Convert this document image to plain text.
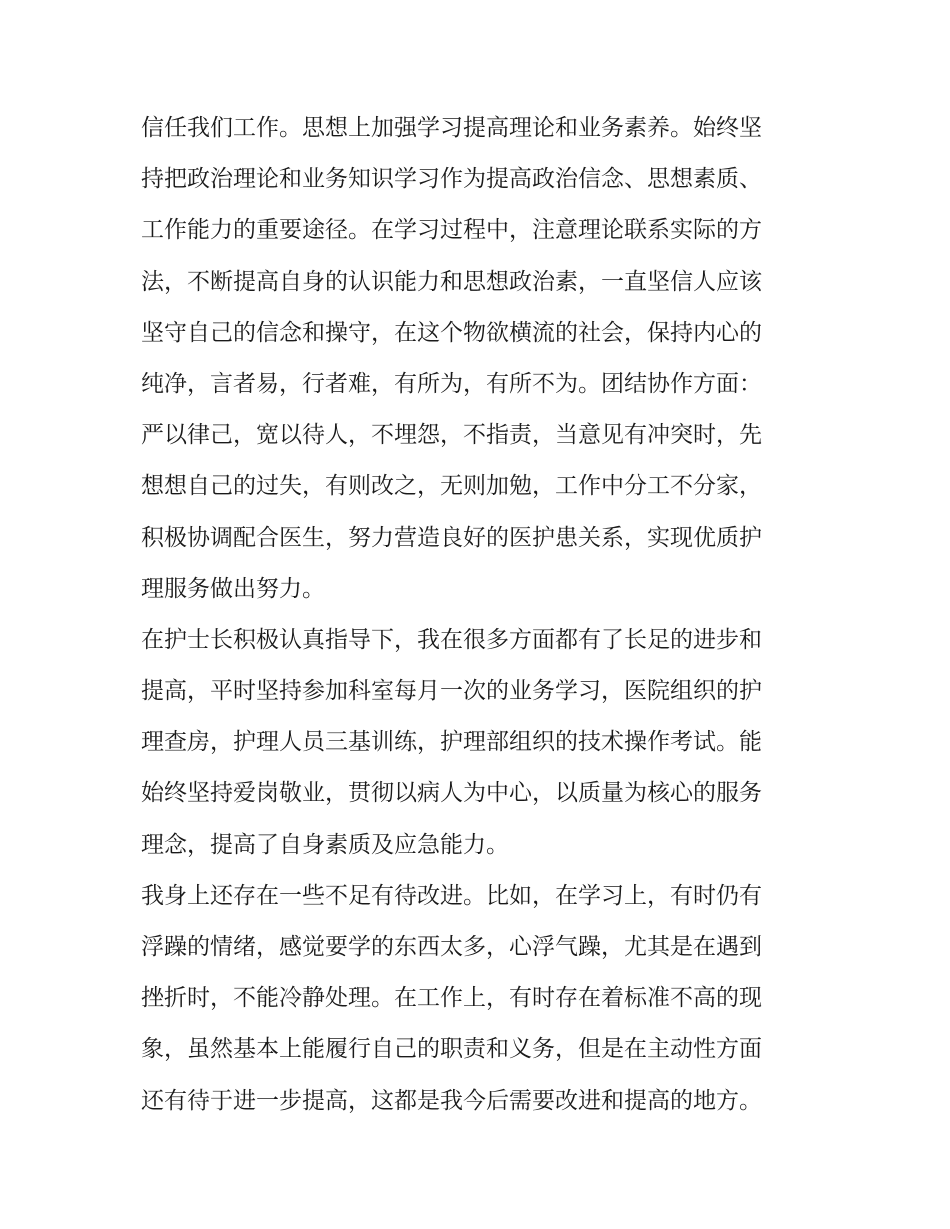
信任我们工作。思想上加强学习提高理论和业务素养。始终坚
持把政治理论和业务知识学习作为提高政治信念、思想素质、
工作能力的重要途径。在学习过程中，注意理论联系实际的方
法，不断提高自身的认识能力和思想政治素，一直坚信人应该
坚守自己的信念和操守，在这个物欲横流的社会，保持内心的
纯净，言者易，行者难，有所为，有所不为。团结协作方面：
严以律己，宽以待人，不埋怨，不指责，当意见有冲突时，先
想想自己的过失，有则改之，无则加勉，工作中分工不分家，
积极协调配合医生，努力营造良好的医护患关系，实现优质护
理服务做出努力。
在护士长积极认真指导下，我在很多方面都有了长足的进步和
提高，平时坚持参加科室每月一次的业务学习，医院组织的护
理查房，护理人员三基训练，护理部组织的技术操作考试。能
始终坚持爱岗敬业，贯彻以病人为中心，以质量为核心的服务
理念，提高了自身素质及应急能力。
我身上还存在一些不足有待改进。比如，在学习上，有时仍有
浮躁的情绪，感觉要学的东西太多，心浮气躁，尤其是在遇到
挫折时，不能冷静处理。在工作上，有时存在着标准不高的现
象，虽然基本上能履行自己的职责和义务，但是在主动性方面
还有待于进一步提高，这都是我今后需要改进和提高的地方。
